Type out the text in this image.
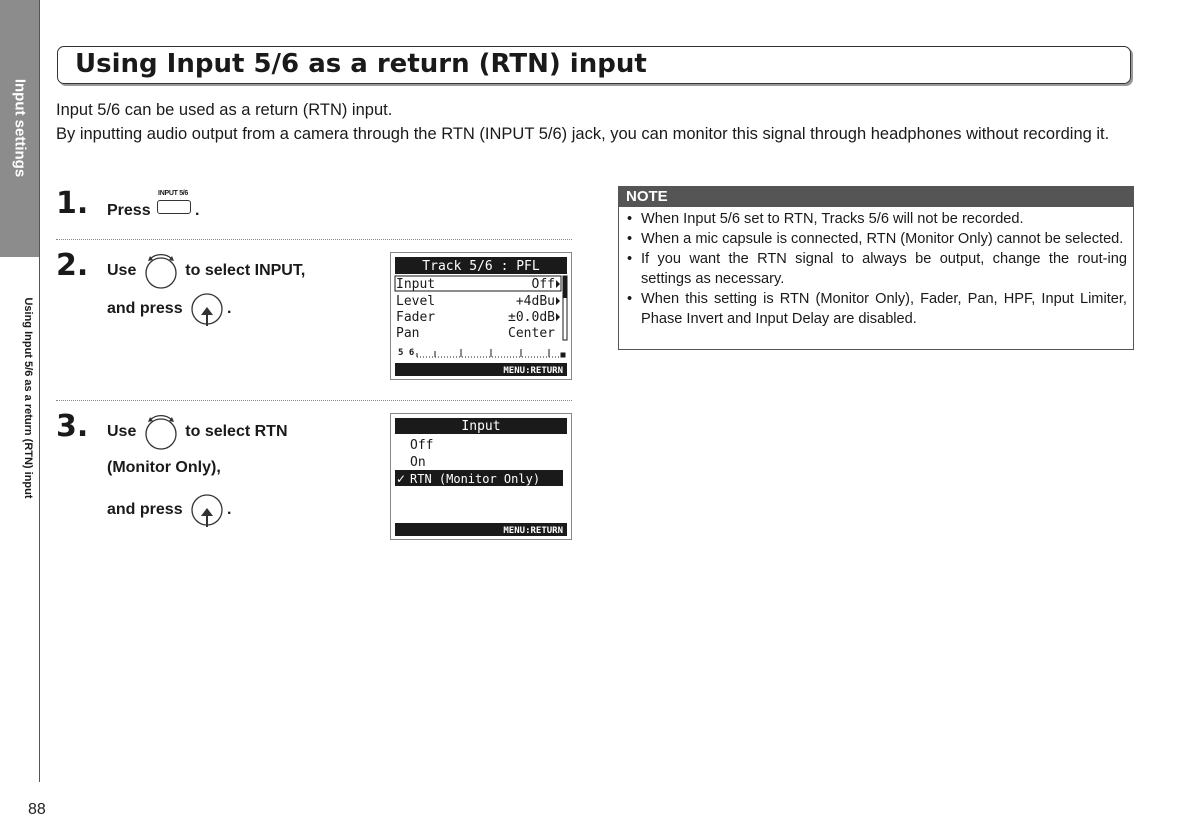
Input settings
Using Input 5/6 as a return (RTN) input
88
Using Input 5/6 as a return (RTN) input

Input 5/6 can be used as a return (RTN) input.

By inputting audio output from a camera through the RTN (INPUT 5/6) jack, you can monitor this signal through headphones without recording it.

1. Press
INPUT 5/6
.
2. Use	to select INPUT,
and press	.
Track 5/6 : PFL
Input	Off
Level	+4dBu
Fader	±0.0dB
Pan	Center
5 6
MENU:RETURN
3. Use	to select RTN
(Monitor Only),
and press	.
Input
Off
On
✓ RTN (Monitor Only)
MENU:RETURN
NOTE
• When Input 5/6 set to RTN, Tracks 5/6 will not be recorded.
• When a mic capsule is connected, RTN (Monitor Only) cannot be selected.
• If you want the RTN signal to always be output, change the rout-ing settings as necessary.
• When this setting is RTN (Monitor Only), Fader, Pan, HPF, Input Limiter, Phase Invert and Input Delay are disabled.
